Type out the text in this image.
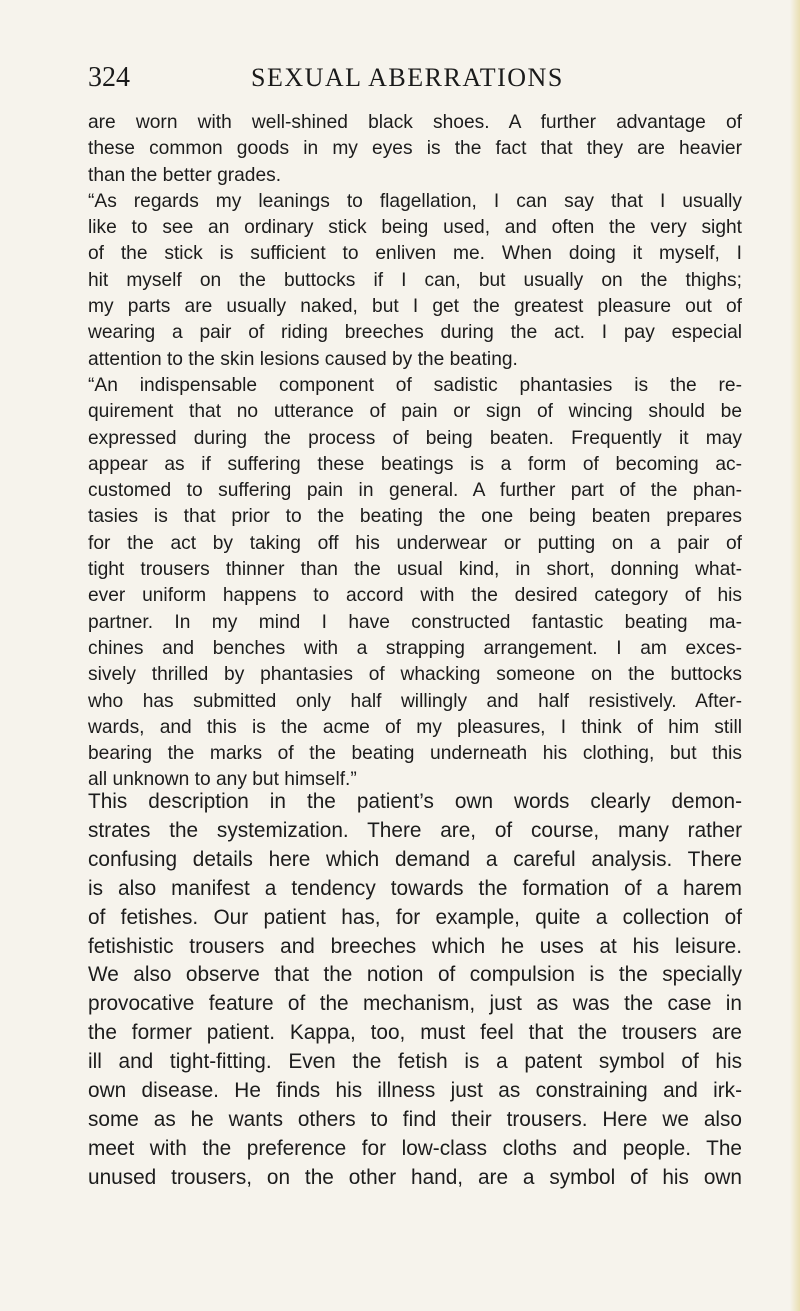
324	SEXUAL ABERRATIONS
are worn with well-shined black shoes. A further advantage of
these common goods in my eyes is the fact that they are heavier
than the better grades.
“As regards my leanings to flagellation, I can say that I usually
like to see an ordinary stick being used, and often the very sight
of the stick is sufficient to enliven me. When doing it myself, I
hit myself on the buttocks if I can, but usually on the thighs;
my parts are usually naked, but I get the greatest pleasure out of
wearing a pair of riding breeches during the act. I pay especial
attention to the skin lesions caused by the beating.
“An indispensable component of sadistic phantasies is the re-
quirement that no utterance of pain or sign of wincing should be
expressed during the process of being beaten. Frequently it may
appear as if suffering these beatings is a form of becoming ac-
customed to suffering pain in general. A further part of the phan-
tasies is that prior to the beating the one being beaten prepares
for the act by taking off his underwear or putting on a pair of
tight trousers thinner than the usual kind, in short, donning what-
ever uniform happens to accord with the desired category of his
partner. In my mind I have constructed fantastic beating ma-
chines and benches with a strapping arrangement. I am exces-
sively thrilled by phantasies of whacking someone on the buttocks
who has submitted only half willingly and half resistively. After-
wards, and this is the acme of my pleasures, I think of him still
bearing the marks of the beating underneath his clothing, but this
all unknown to any but himself.”
This description in the patient’s own words clearly demon-
strates the systemization. There are, of course, many rather
confusing details here which demand a careful analysis. There
is also manifest a tendency towards the formation of a harem
of fetishes. Our patient has, for example, quite a collection of
fetishistic trousers and breeches which he uses at his leisure.
We also observe that the notion of compulsion is the specially
provocative feature of the mechanism, just as was the case in
the former patient. Kappa, too, must feel that the trousers are
ill and tight-fitting. Even the fetish is a patent symbol of his
own disease. He finds his illness just as constraining and irk-
some as he wants others to find their trousers. Here we also
meet with the preference for low-class cloths and people. The
unused trousers, on the other hand, are a symbol of his own
